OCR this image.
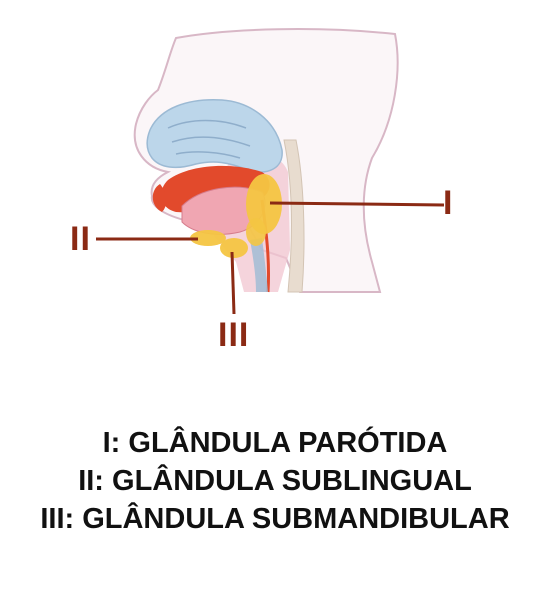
I
II
III
I: GLÂNDULA PARÓTIDA
II: GLÂNDULA SUBLINGUAL
III: GLÂNDULA SUBMANDIBULAR
